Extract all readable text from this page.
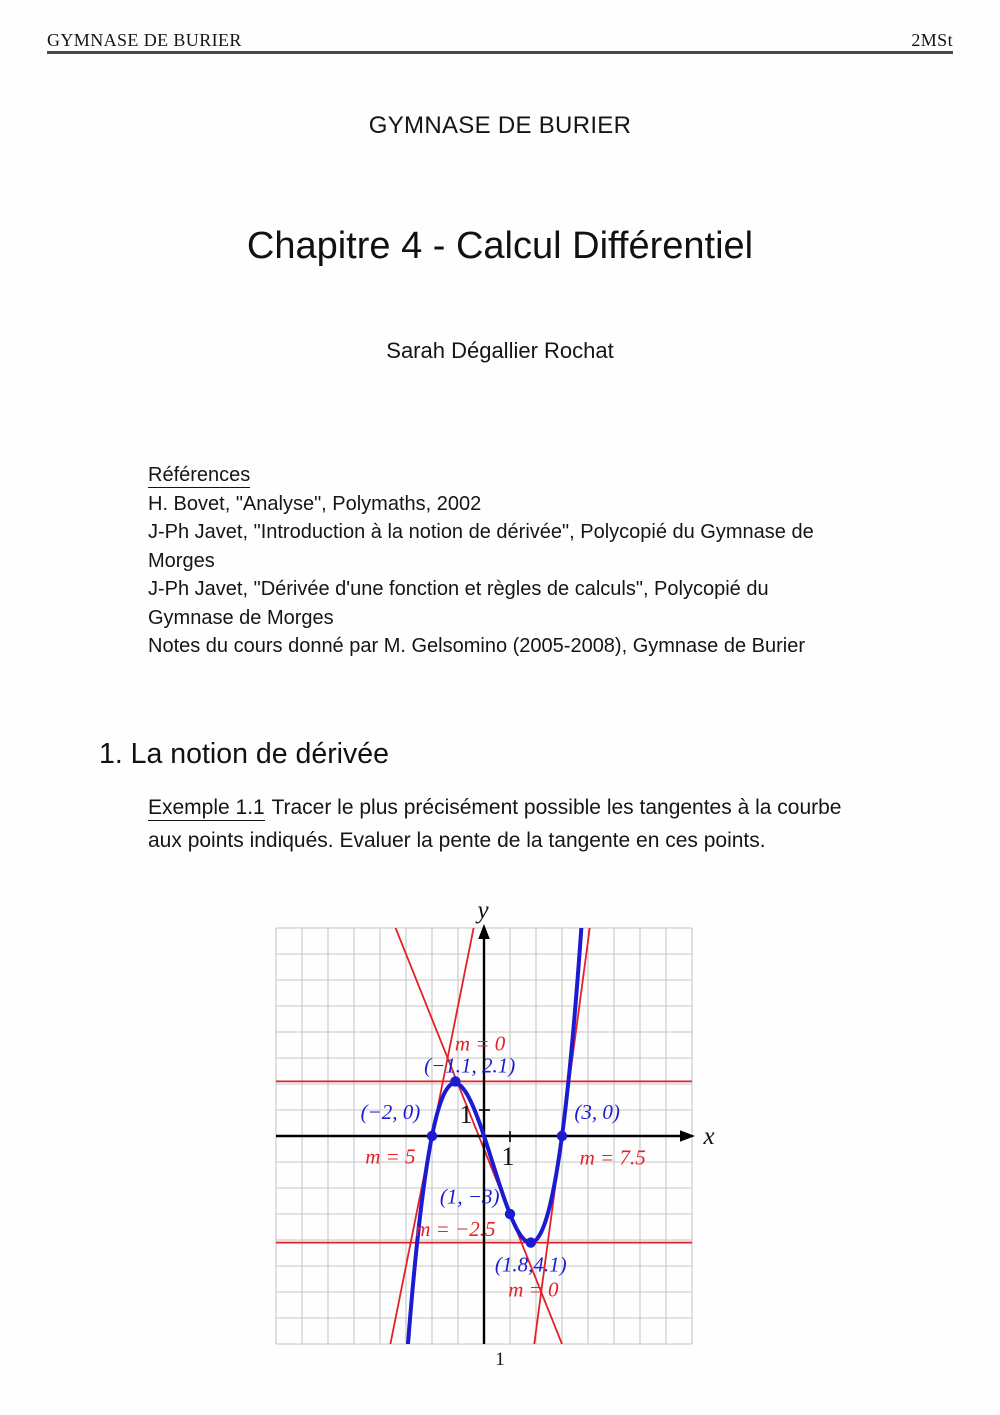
GYMNASE DE BURIER	2MSt
GYMNASE DE BURIER
Chapitre 4 - Calcul Différentiel
Sarah Dégallier Rochat
Références
H. Bovet, "Analyse", Polymaths, 2002
J-Ph Javet, "Introduction à la notion de dérivée", Polycopié du Gymnase de Morges
J-Ph Javet, "Dérivée d'une fonction et règles de calculs", Polycopié du Gymnase de Morges
Notes du cours donné par M. Gelsomino (2005-2008), Gymnase de Burier
1. La notion de dérivée

Exemple 1.1 Tracer le plus précisément possible les tangentes à la courbe aux points indiqués. Evaluer la pente de la tangente en ces points.

1
1
x
y
m = 0
(−1.1, 2.1)
(−2, 0)
m = 5
(3, 0)
m = 7.5
(1, −3)
m = −2.5
(1.8,4.1)
m = 0
1
